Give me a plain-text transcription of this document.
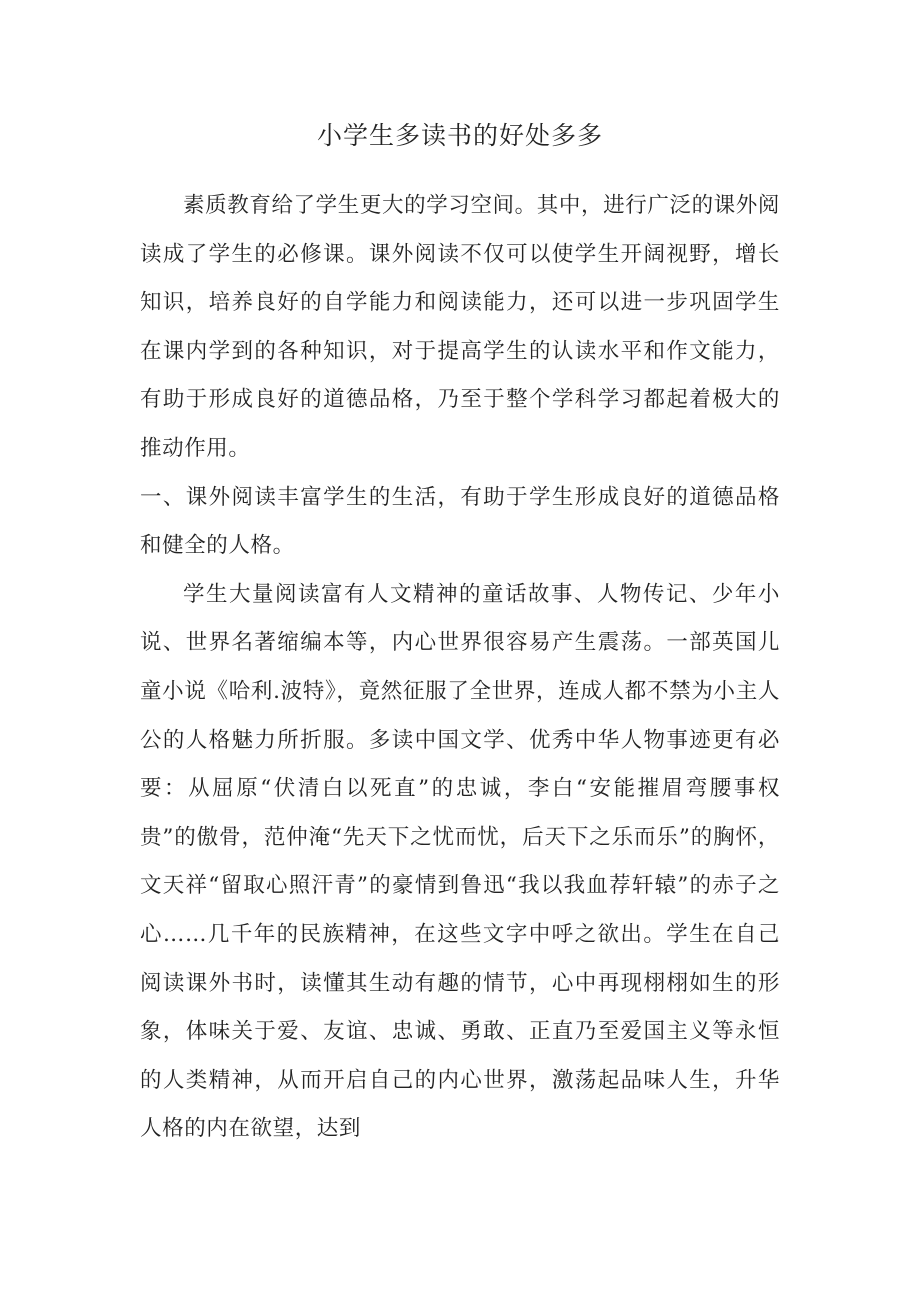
小学生多读书的好处多多

素质教育给了学生更大的学习空间。其中，进行广泛的课外阅读成了学生的必修课。课外阅读不仅可以使学生开阔视野，增长知识，培养良好的自学能力和阅读能力，还可以进一步巩固学生在课内学到的各种知识，对于提高学生的认读水平和作文能力，有助于形成良好的道德品格，乃至于整个学科学习都起着极大的推动作用。

一、课外阅读丰富学生的生活，有助于学生形成良好的道德品格和健全的人格。

学生大量阅读富有人文精神的童话故事、人物传记、少年小说、世界名著缩编本等，内心世界很容易产生震荡。一部英国儿童小说《哈利.波特》，竟然征服了全世界，连成人都不禁为小主人公的人格魅力所折服。多读中国文学、优秀中华人物事迹更有必要：从屈原“伏清白以死直”的忠诚，李白“安能摧眉弯腰事权贵”的傲骨，范仲淹“先天下之忧而忧，后天下之乐而乐”的胸怀，文天祥“留取心照汗青”的豪情到鲁迅“我以我血荐轩辕”的赤子之心……几千年的民族精神，在这些文字中呼之欲出。学生在自己阅读课外书时，读懂其生动有趣的情节，心中再现栩栩如生的形象，体味关于爱、友谊、忠诚、勇敢、正直乃至爱国主义等永恒的人类精神，从而开启自己的内心世界，激荡起品味人生，升华人格的内在欲望，达到
